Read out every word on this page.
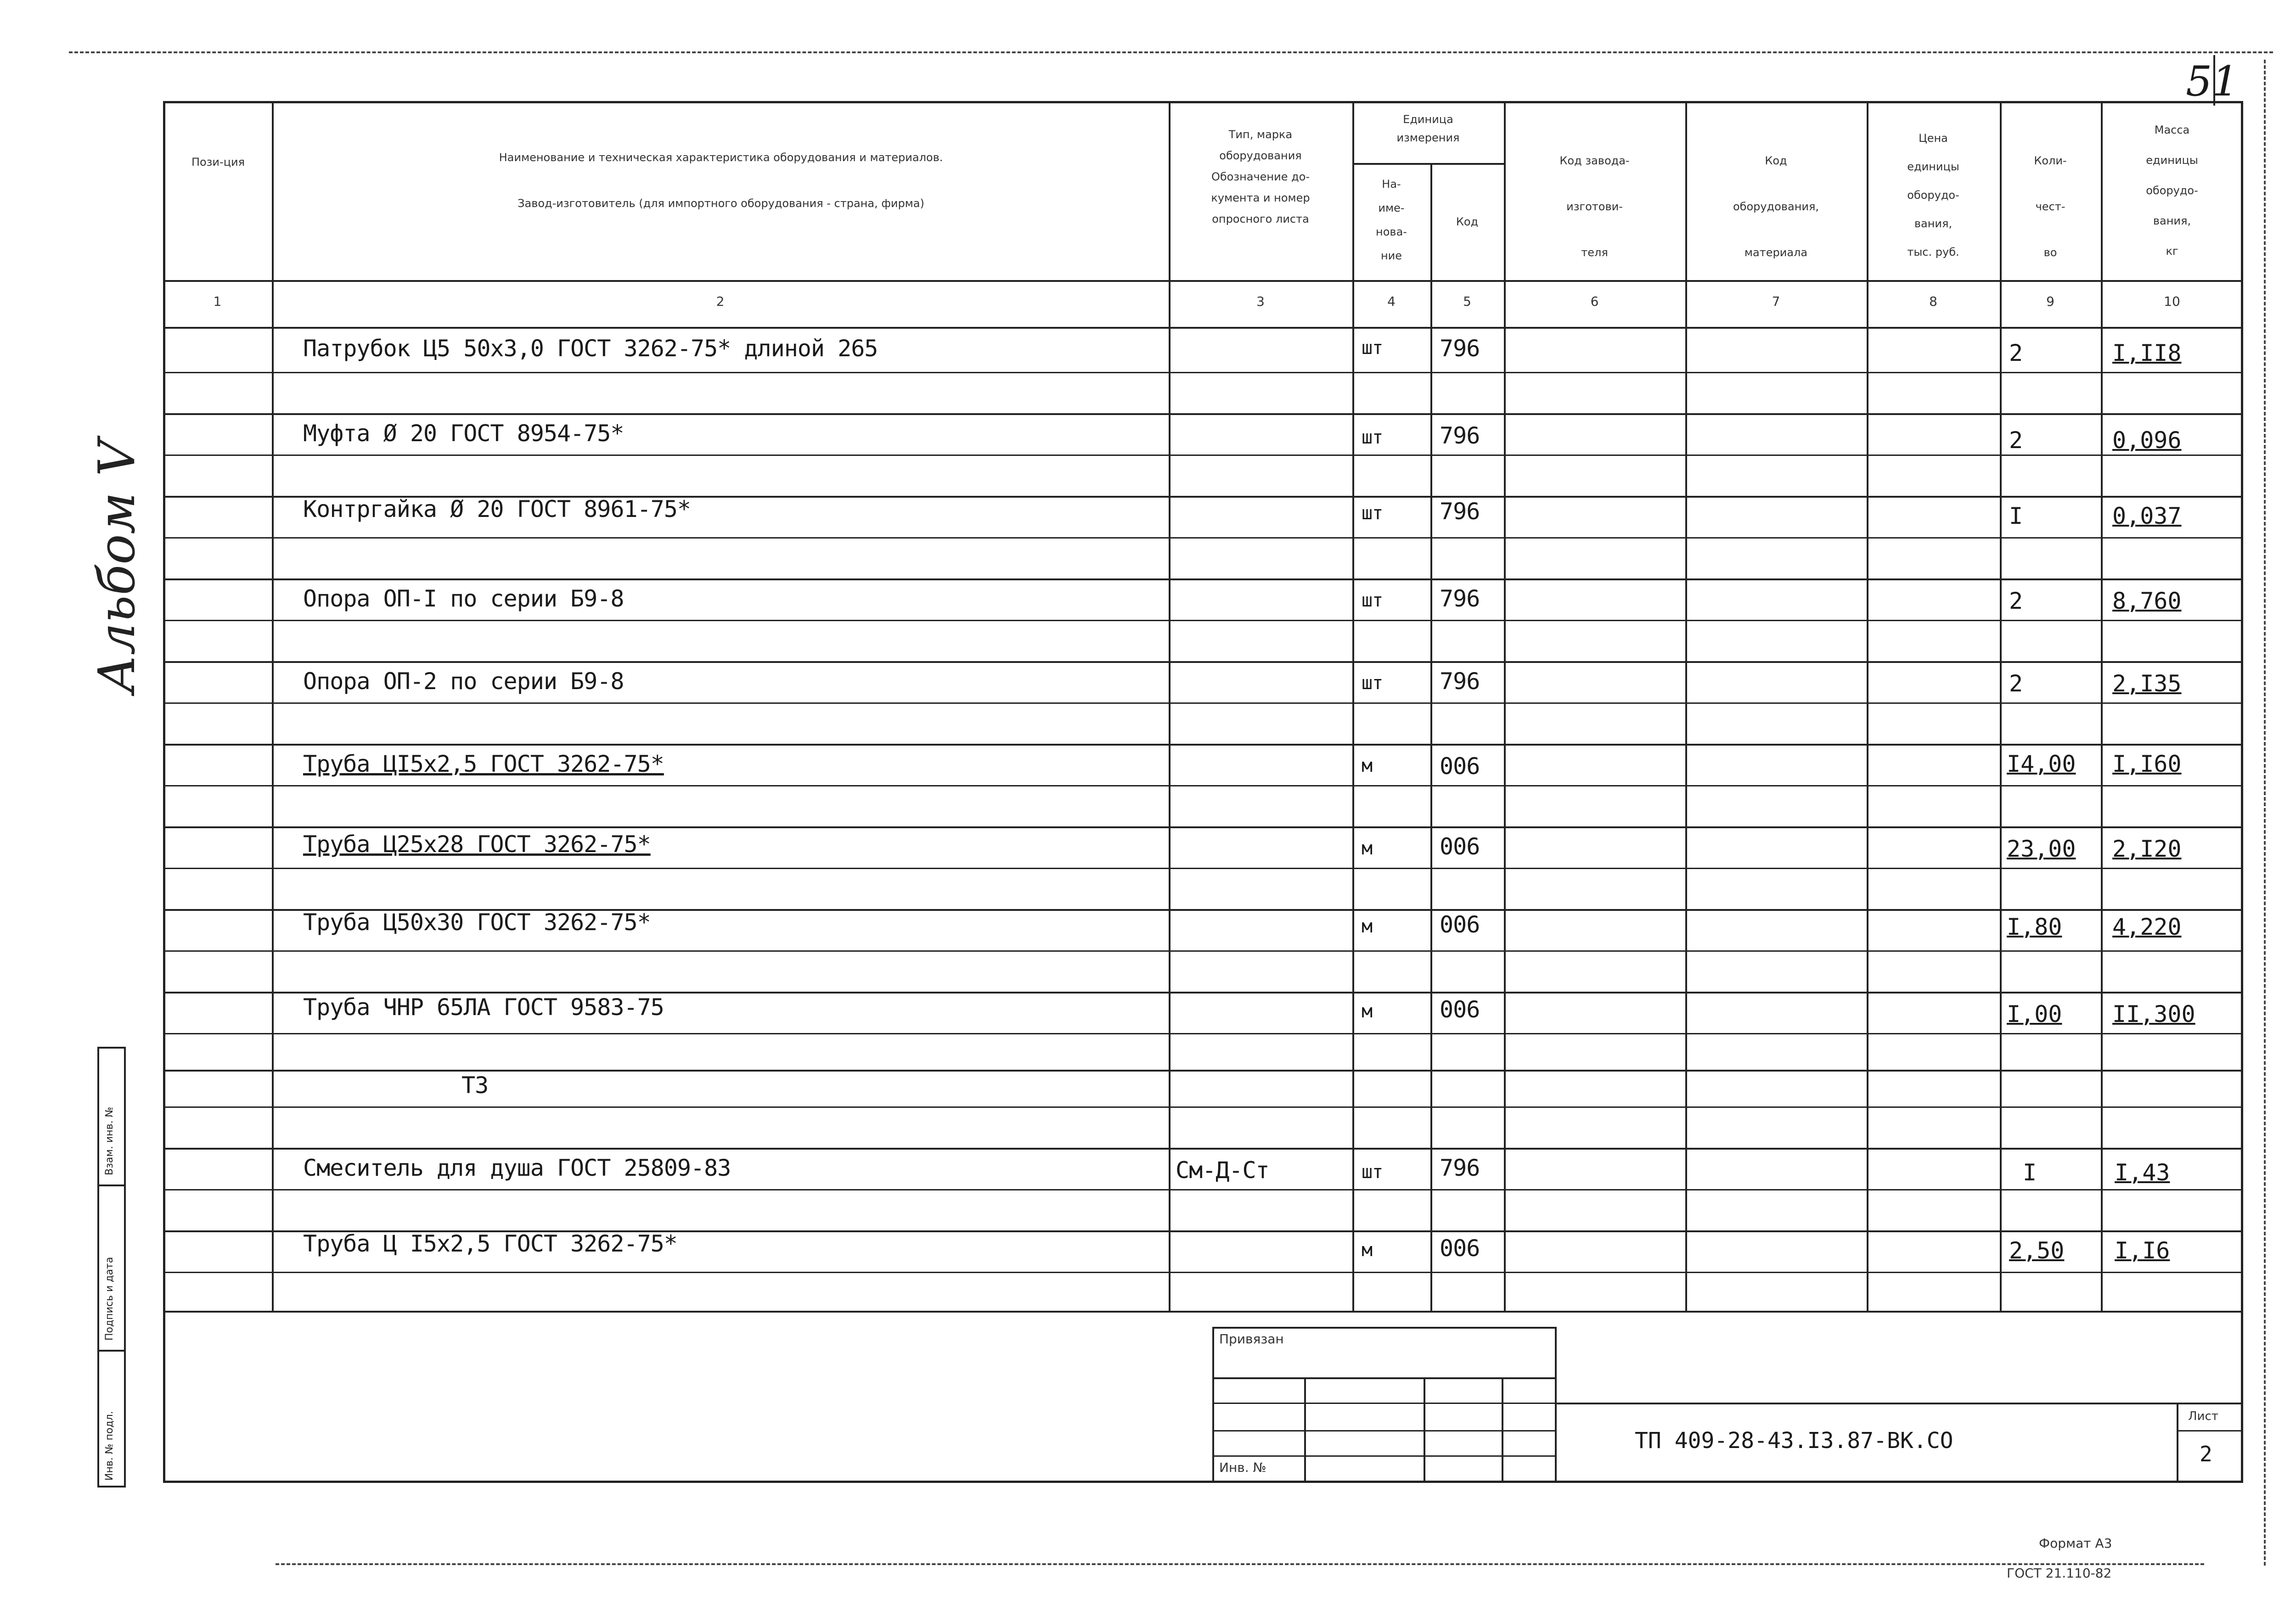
51
Альбом V
Взам. инв. №
Подпись и дата
Инв. № подл.
Пози-ция	Наименование и техническая характеристика оборудования и материалов.
Завод-изготовитель (для импортного оборудования - страна, фирма)
Тип, марка
оборудования
Обозначение до-
кумента и номер
опросного листа
Единица
измерения
На-
име-
нова-
ние
Код
Код завода-
изготови-
теля
Код
оборудования,
материала
Цена
единицы
оборудо-
вания,
тыс. руб.
Коли-
чест-
во
Масса
единицы
оборудо-
вания,
кг
1	2	3	4	5	6	7	8	9	10
Патрубок Ц5 50х3,0 ГОСТ 3262-75* длиной 265	шт 796	2	I,II8
Муфта Ø 20 ГОСТ 8954-75*	шт 796	2	0,096
Контргайка Ø 20 ГОСТ 8961-75*	шт 796	I	0,037
Опора ОП-I по серии Б9-8	шт 796	2	8,760
Опора ОП-2 по серии Б9-8	шт 796	2	2,I35
Труба ЦI5х2,5 ГОСТ 3262-75*	м	006	I4,00 I,I60
Труба Ц25х28 ГОСТ 3262-75*	м	006	23,00 2,I20
Труба Ц50х30 ГОСТ 3262-75*	м	006	I,80 4,220
Труба ЧНР 65ЛА ГОСТ 9583-75	м	006	I,00 II,300
Т3
Смеситель для душа ГОСТ 25809-83	См-Д-Ст	шт 796	I	I,43
Труба Ц I5х2,5 ГОСТ 3262-75*	м	006	2,50 I,I6
Привязан
Инв. №
ТП 409-28-43.I3.87-ВК.СО
Лист
2
Формат А3
ГОСТ 21.110-82
